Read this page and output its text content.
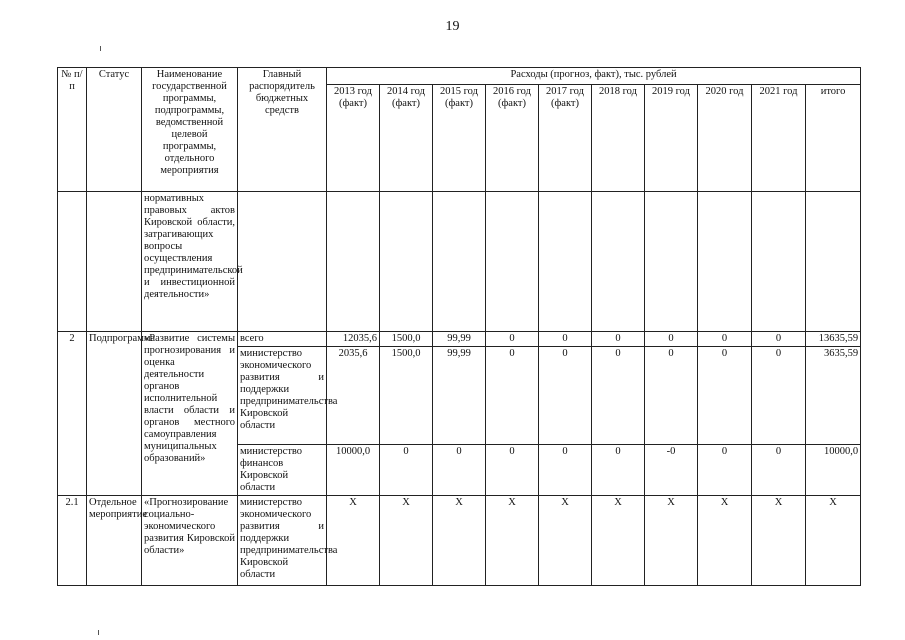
19
№ п/п	Статус	Наименование государственной программы, подпрограммы, ведомственной целевой программы, отдельного мероприятия	Главный распорядитель бюджетных средств	Расходы (прогноз, факт), тыс. рублей									
				2013 год (факт)	2014 год (факт)	2015 год (факт)	2016 год (факт)	2017 год (факт)	2018 год	2019 год	2020 год	2021 год	итого
		нормативных правовых актов Кировской области, затрагивающих вопросы осуществления предпринимательской и инвестиционной деятельности»											
2	Подпрограмма	«Развитие системы прогнозирования и оценка деятельности органов исполнительной власти области и органов местного самоуправления муниципальных образований»	всего	12035,6	1500,0	99,99	0	0	0	0	0	0	13635,59
			министерство экономического развития и поддержки предпринимательства Кировской области	2035,6	1500,0	99,99	0	0	0	0	0	0	3635,59
			министерство финансов Кировской области	10000,0	0	0	0	0	0	-0	0	0	10000,0
2.1	Отдельное мероприятие	«Прогнозирование социально-экономического развития Кировской области»	министерство экономического развития и поддержки предпринимательства Кировской области	Х	Х	Х	Х	Х	Х	Х	Х	Х	Х
